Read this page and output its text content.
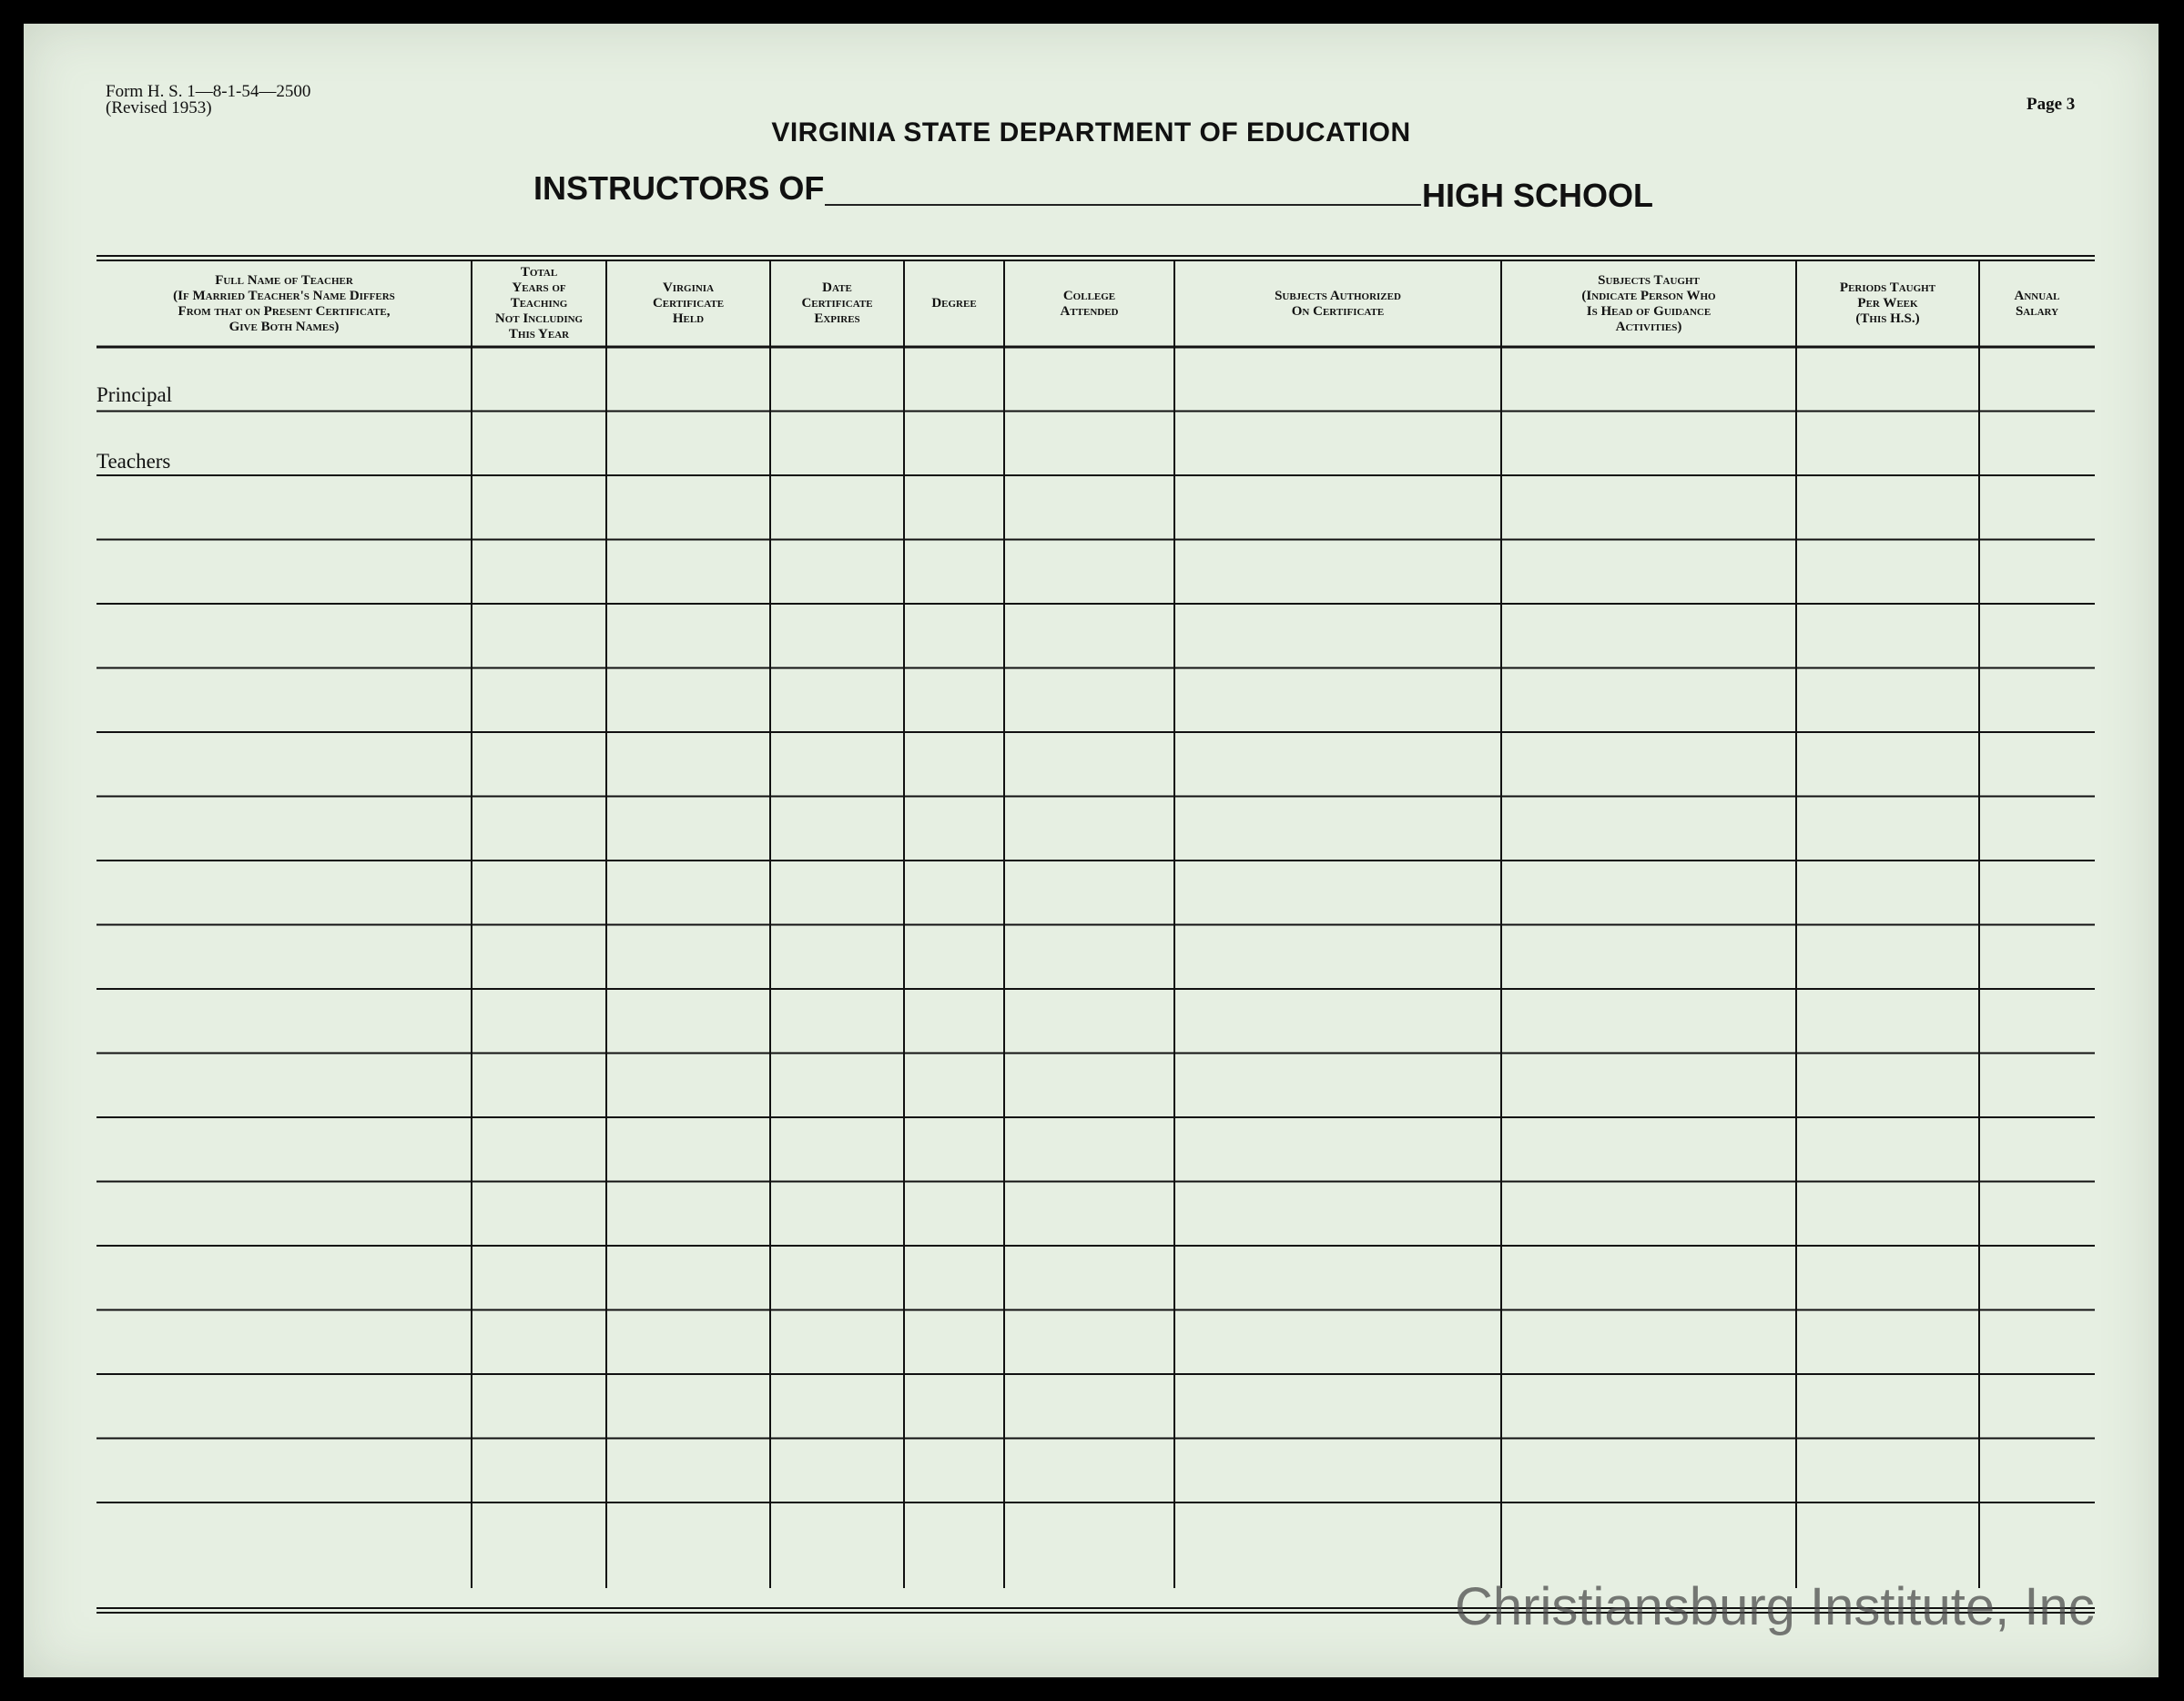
Form H. S. 1—8-1-54—2500
(Revised 1953)	Page 3
VIRGINIA STATE DEPARTMENT OF EDUCATION
INSTRUCTORS OF	HIGH SCHOOL
Full Name of Teacher
(If Married Teacher's Name Differs
From that on Present Certificate,
Give Both Names)
Total
Years of
Teaching
Not Including
This Year
Virginia
Certificate
Held
Date
Certificate
Expires
Degree
College
Attended
Subjects Authorized
On Certificate
Subjects Taught
(Indicate Person Who
Is Head of Guidance
Activities)
Periods Taught
Per Week
(This H.S.)
Annual
Salary
Principal
Teachers
Christiansburg Institute, Inc
